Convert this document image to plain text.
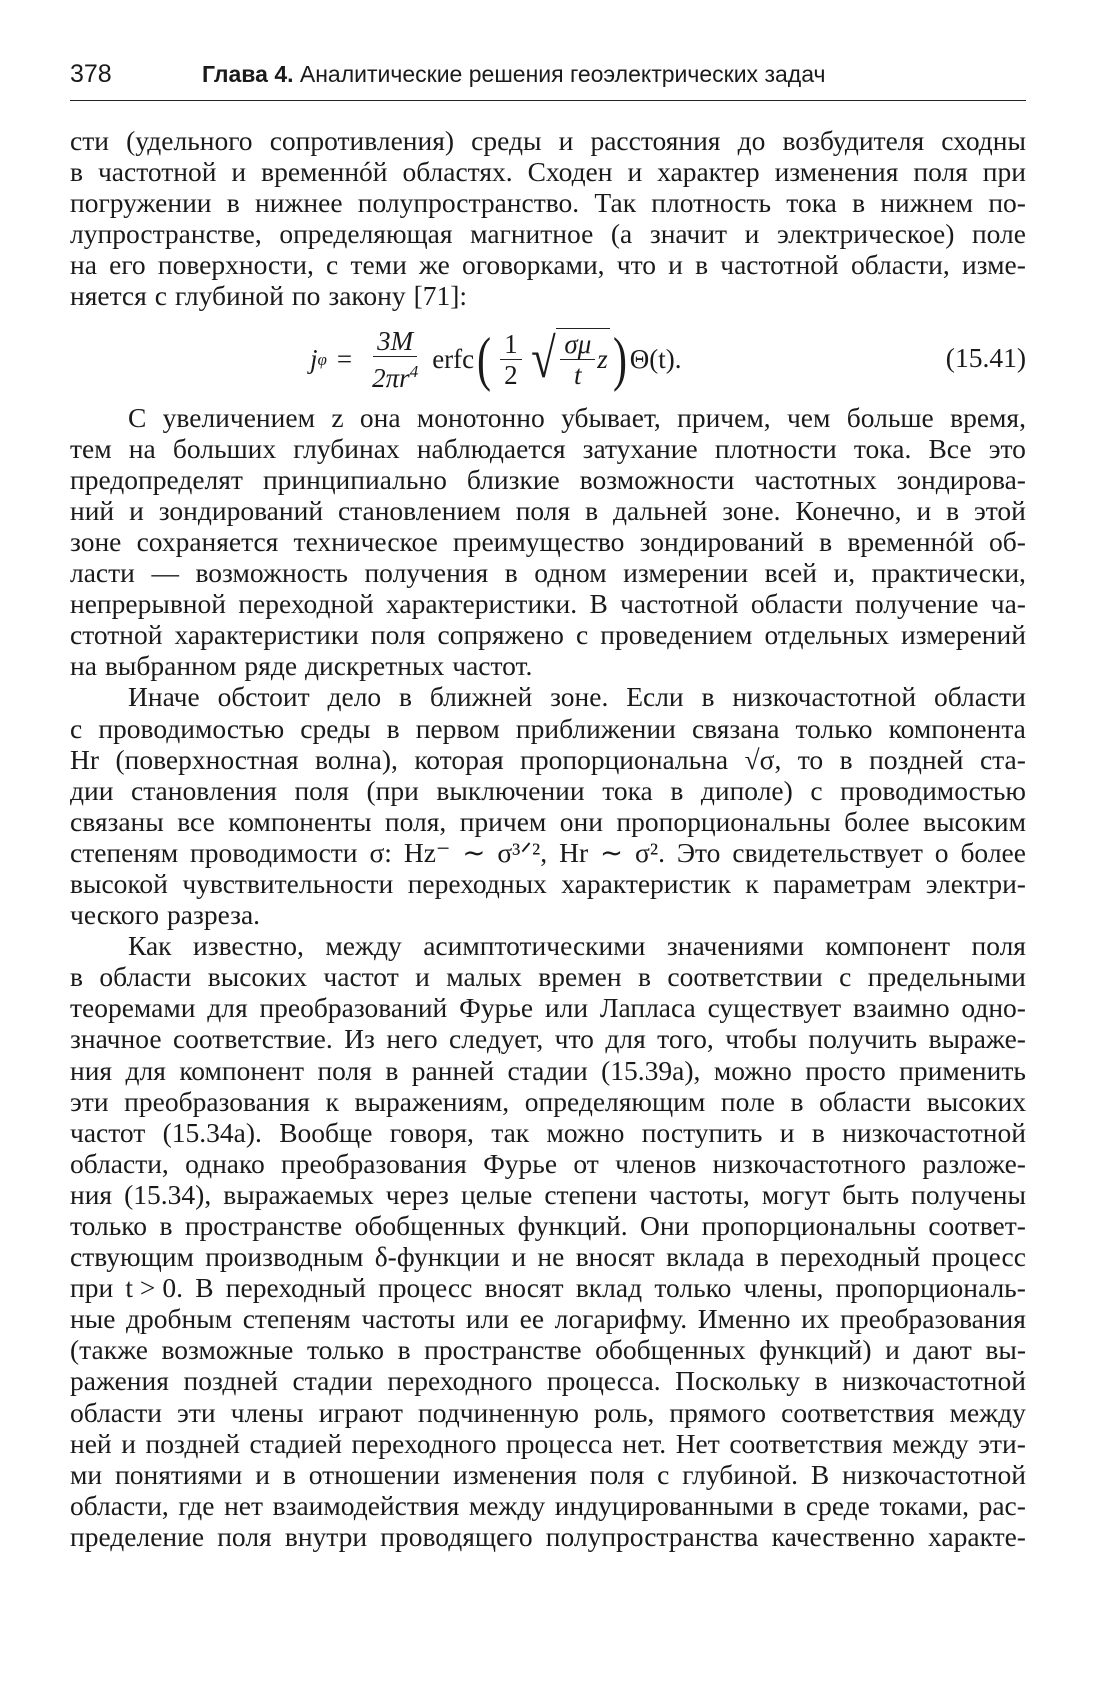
378	Глава 4. Аналитические решения геоэлектрических задач
сти (удельного сопротивления) среды и расстояния до возбудителя сходны
в частотной и временнóй областях. Сходен и характер изменения поля при
погружении в нижнее полупространство. Так плотность тока в нижнем по-
лупространстве, определяющая магнитное (а значит и электрическое) поле
на его поверхности, с теми же оговорками, что и в частотной области, изме-
няется с глубиной по закону [71]:
j $\varphi = \frac{3M}{2\pi r^4}$ erfc ( $\frac{1}{2}$ √ $\frac{\sigma\mu}{t}$ z ) Θ(t).	(15.41)
С увеличением z она монотонно убывает, причем, чем больше время,
тем на больших глубинах наблюдается затухание плотности тока. Все это
предопределят принципиально близкие возможности частотных зондирова-
ний и зондирований становлением поля в дальней зоне. Конечно, и в этой
зоне сохраняется техническое преимущество зондирований в временнóй об-
ласти — возможность получения в одном измерении всей и, практически,
непрерывной переходной характеристики. В частотной области получение ча-
стотной характеристики поля сопряжено с проведением отдельных измерений
на выбранном ряде дискретных частот.
Иначе обстоит дело в ближней зоне. Если в низкочастотной области
с проводимостью среды в первом приближении связана только компонента
Hr (поверхностная волна), которая пропорциональна √σ, то в поздней ста-
дии становления поля (при выключении тока в диполе) с проводимостью
связаны все компоненты поля, причем они пропорциональны более высоким
степеням проводимости σ: Hz⁻ ∼ σ³ᐟ², Hr ∼ σ². Это свидетельствует о более
высокой чувствительности переходных характеристик к параметрам электри-
ческого разреза.
Как известно, между асимптотическими значениями компонент поля
в области высоких частот и малых времен в соответствии с предельными
теоремами для преобразований Фурье или Лапласа существует взаимно одно-
значное соответствие. Из него следует, что для того, чтобы получить выраже-
ния для компонент поля в ранней стадии (15.39а), можно просто применить
эти преобразования к выражениям, определяющим поле в области высоких
частот (15.34а). Вообще говоря, так можно поступить и в низкочастотной
области, однако преобразования Фурье от членов низкочастотного разложе-
ния (15.34), выражаемых через целые степени частоты, могут быть получены
только в пространстве обобщенных функций. Они пропорциональны соответ-
ствующим производным δ-функции и не вносят вклада в переходный процесс
при t > 0. В переходный процесс вносят вклад только члены, пропорциональ-
ные дробным степеням частоты или ее логарифму. Именно их преобразования
(также возможные только в пространстве обобщенных функций) и дают вы-
ражения поздней стадии переходного процесса. Поскольку в низкочастотной
области эти члены играют подчиненную роль, прямого соответствия между
ней и поздней стадией переходного процесса нет. Нет соответствия между эти-
ми понятиями и в отношении изменения поля с глубиной. В низкочастотной
области, где нет взаимодействия между индуцированными в среде токами, рас-
пределение поля внутри проводящего полупространства качественно характе-
